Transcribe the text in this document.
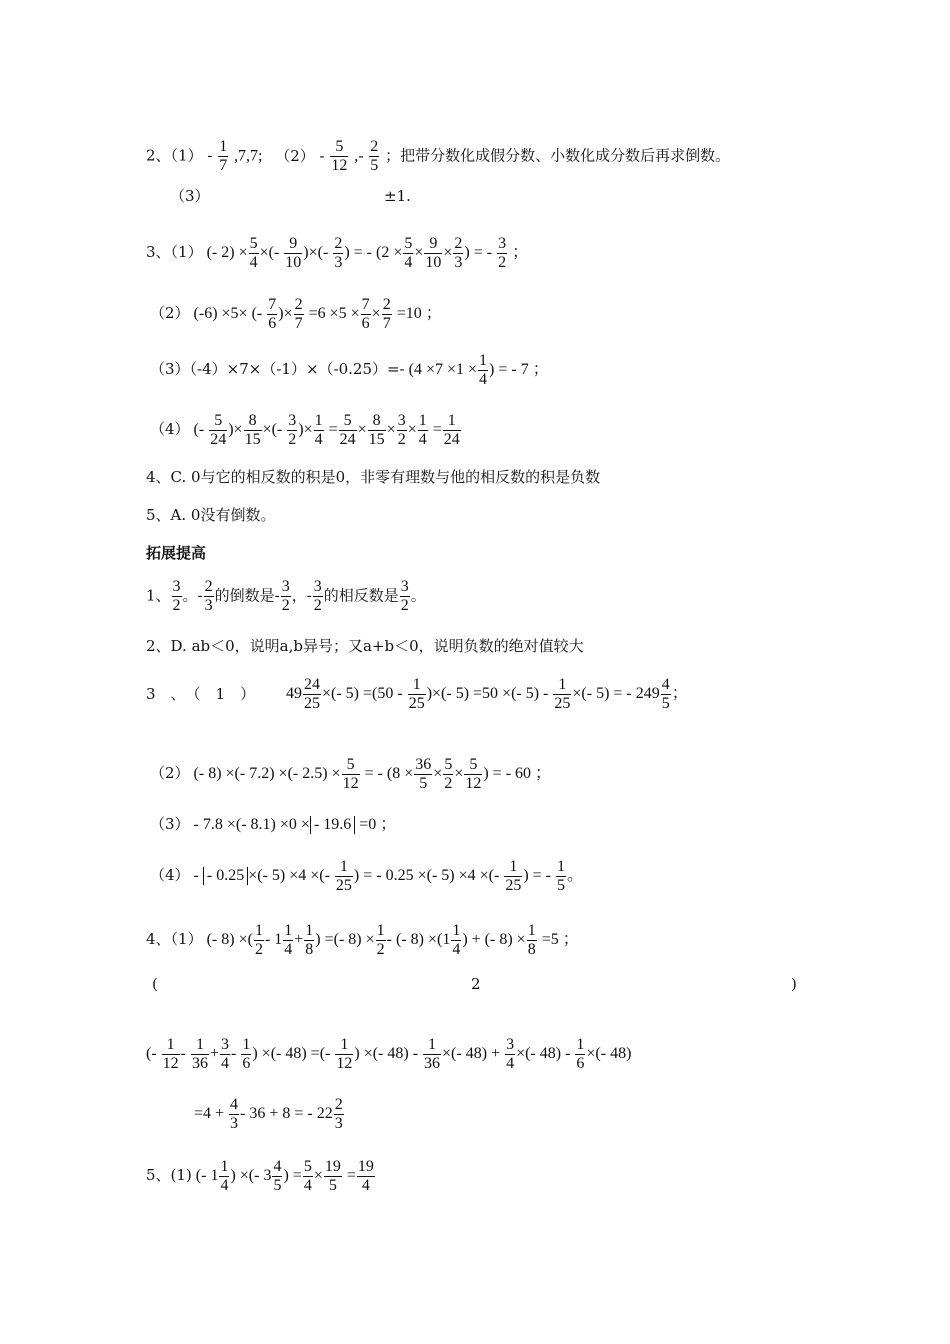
2、$(1) - \frac{1}{7} ,7,7$; $(2) - \frac{5}{12}$ ,- $\frac{2}{5}$ ；把带分数化成假分数、小数化成分数后再求倒数。
（3）	±1.
3、（1） (- $2) \times \frac{5}{4}$ ×(- $\frac{9}{10}$ )×(- $\frac{2}{3}$ ) = - ($2 \times \frac{5}{4} \times \frac{9}{10} \times \frac{2}{3}$ ) = - $\frac{3}{2}$ ；
（2） (-6) ×5× (- $\frac{7}{6}$ )× $\frac{2}{7} =6 \times 5 \times \frac{7}{6} \times \frac{2}{7} =10$ ；
（3）（-4）×7×（-1）×（-0.25）=- ($4 \times 7 \times 1 \times \frac{1}{4}$ ) = - 7 ；
（4） (- $\frac{5}{24}$ )× $\frac{8}{15}$ ×(- $\frac{3}{2}$ )× $\frac{1}{4} = \frac{5}{24} \times \frac{8}{15} \times \frac{3}{2} \times \frac{1}{4} = \frac{1}{24}$
4、C. 0与它的相反数的积是0，非零有理数与他的相反数的积是负数
5、A. 0没有倒数。
拓展提高
1、 $\frac{3}{2}$ 。- $\frac{2}{3}$ 的倒数是- $\frac{3}{2}$ ，- $\frac{3}{2}$ 的相反数是 $\frac{3}{2}$ 。
2、D. ab＜0，说明a,b异号；又a+b＜0，说明负数的绝对值较大
3　、　（　1　） $49 \frac{24}{25}$ ×(- $5) =(50 - \frac{1}{25}$ )×(- 5) =50 ×(- $5) - \frac{1}{25}$ ×(- 5) = - $249 \frac{4}{5}$ ；
（2） (- 8) ×(- 7.2) ×(- $2.5) \times \frac{5}{12}$ = - ($8 \times \frac{36}{5} \times \frac{5}{2} \times \frac{5}{12}$ ) = - 60 ；
（3） - 7.8 ×(- 8.1) ×0 × - 19.6 =0 ；
（4） - - 0.25 ×(- 5) ×4 ×(- $\frac{1}{25}$ ) = - 0.25 ×(- 5) ×4 ×(- $\frac{1}{25}$ ) = - $\frac{1}{5}$ 。
4、（1） (- 8) ×( $\frac{1}{2} - 1 \frac{1}{4} + \frac{1}{8}$ ) =(- $8) \times \frac{1}{2}$ - (- $8) \times(1 \frac{1}{4}$ ) + (- $8) \times \frac{1}{8} =5$ ；
(	2	)
(- $\frac{1}{12} - \frac{1}{36} + \frac{3}{4} - \frac{1}{6}$ ) ×(- 48) =(- $\frac{1}{12}$ ) ×(- $48) - \frac{1}{36}$ ×(- $48) + \frac{3}{4}$ ×(- $48) - \frac{1}{6}$ ×(- 48)
$=4 + \frac{4}{3} - 36 + 8$ = - $22 \frac{2}{3}$
5、(1) (- $1 \frac{1}{4}$ ) ×(- $3 \frac{4}{5}$ ) = $\frac{5}{4} \times \frac{19}{5} = \frac{19}{4}$
